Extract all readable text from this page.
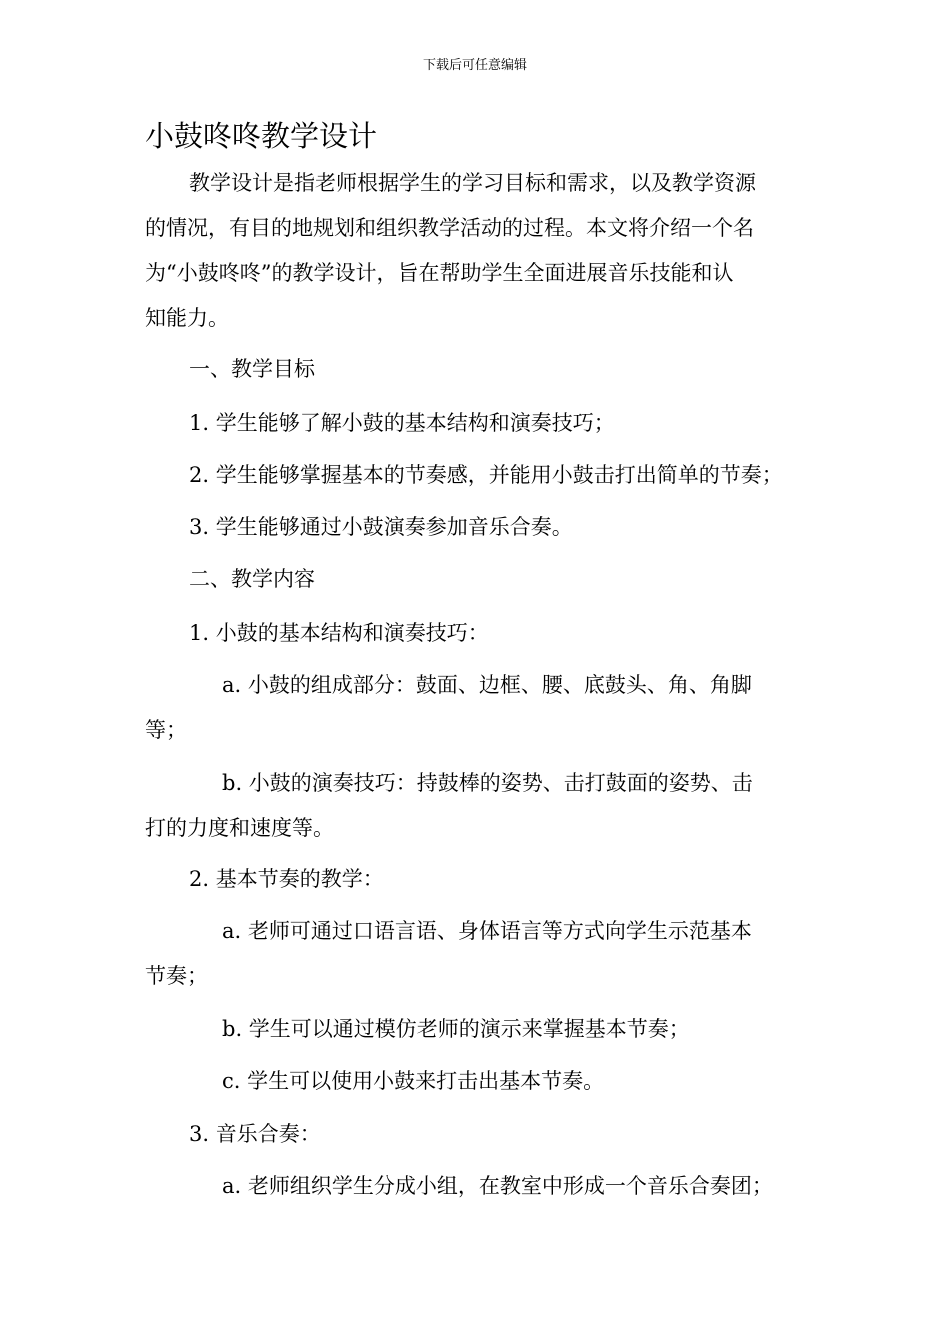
下载后可任意编辑
小鼓咚咚教学设计
教学设计是指老师根据学生的学习目标和需求，以及教学资源
的情况，有目的地规划和组织教学活动的过程。本文将介绍一个名
为“小鼓咚咚”的教学设计，旨在帮助学生全面进展音乐技能和认
知能力。
一、教学目标
1. 学生能够了解小鼓的基本结构和演奏技巧；
2. 学生能够掌握基本的节奏感，并能用小鼓击打出简单的节奏；
3. 学生能够通过小鼓演奏参加音乐合奏。
二、教学内容
1. 小鼓的基本结构和演奏技巧：
a. 小鼓的组成部分：鼓面、边框、腰、底鼓头、角、角脚
等；
b. 小鼓的演奏技巧：持鼓棒的姿势、击打鼓面的姿势、击
打的力度和速度等。
2. 基本节奏的教学：
a. 老师可通过口语言语、身体语言等方式向学生示范基本
节奏；
b. 学生可以通过模仿老师的演示来掌握基本节奏；
c. 学生可以使用小鼓来打击出基本节奏。
3. 音乐合奏：
a. 老师组织学生分成小组，在教室中形成一个音乐合奏团；
